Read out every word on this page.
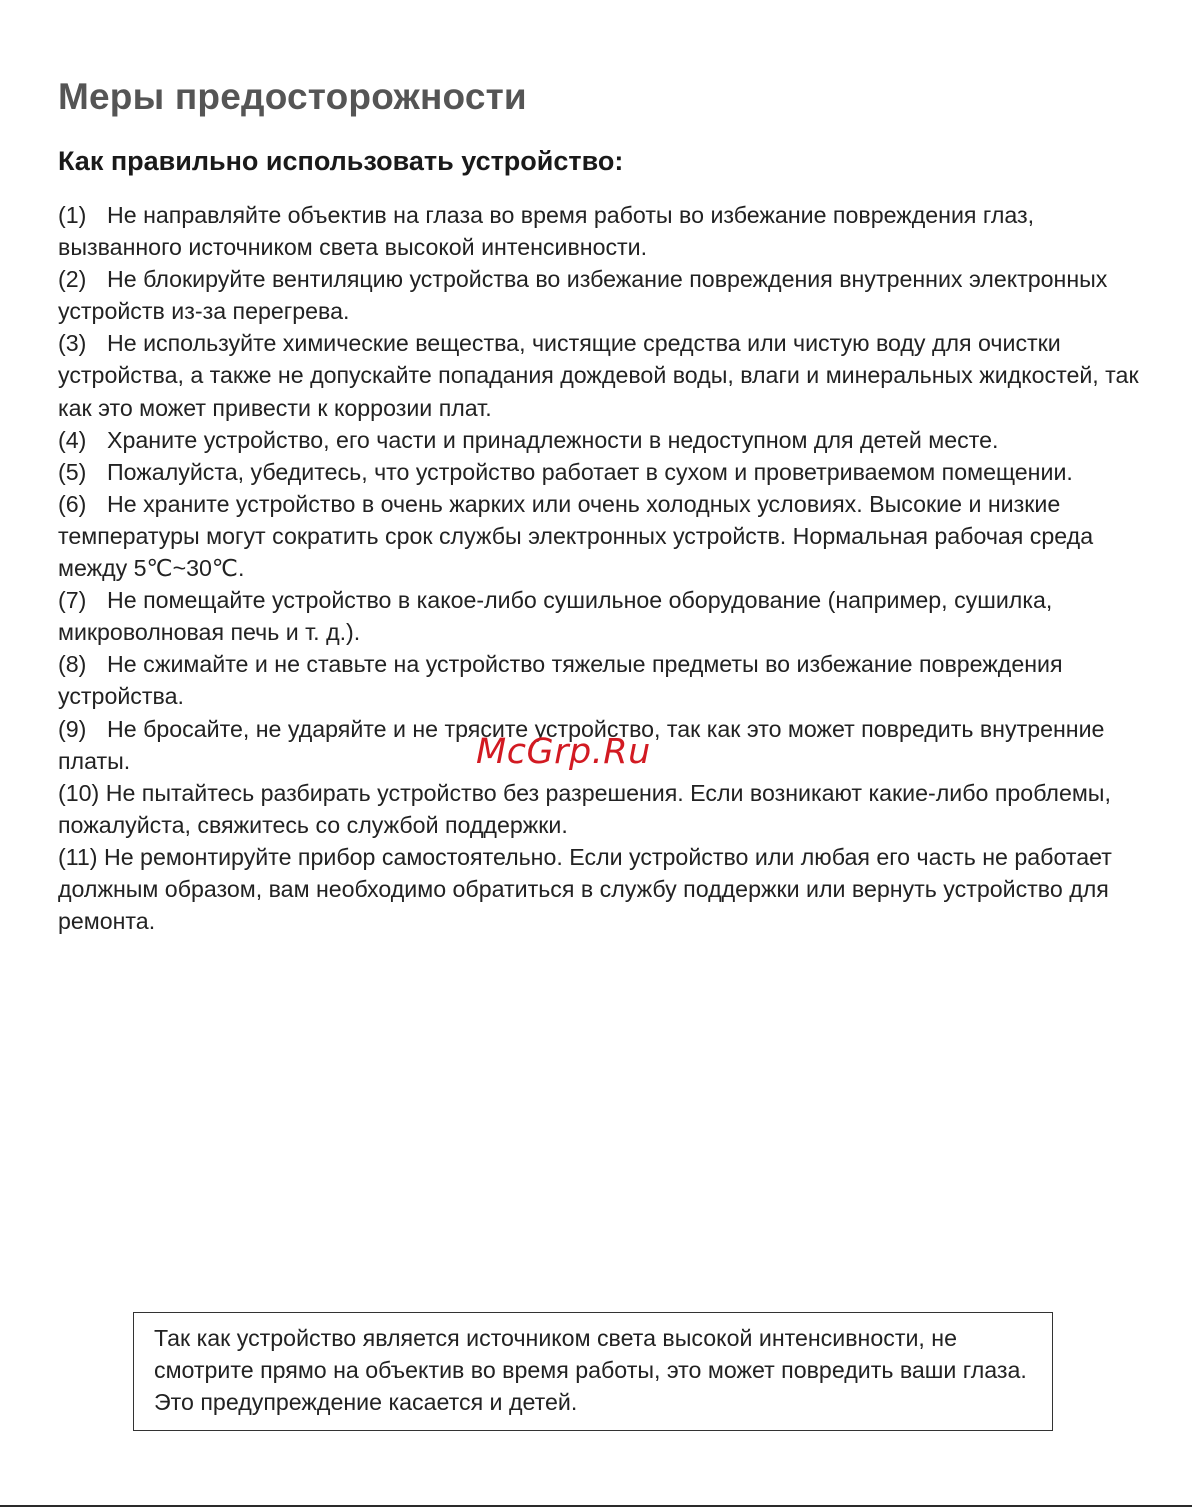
Меры предосторожности
Как правильно использовать устройство:
(1) Не направляйте объектив на глаза во время работы во избежание повреждения глаз, вызванного источником света высокой интенсивности.
(2) Не блокируйте вентиляцию устройства во избежание повреждения внутренних электронных устройств из-за перегрева.
(3) Не используйте химические вещества, чистящие средства или чистую воду для очистки устройства, а также не допускайте попадания дождевой воды, влаги и минеральных жидкостей, так как это может привести к коррозии плат.
(4) Храните устройство, его части и принадлежности в недоступном для детей месте.
(5) Пожалуйста, убедитесь, что устройство работает в сухом и проветриваемом помещении.
(6) Не храните устройство в очень жарких или очень холодных условиях. Высокие и низкие температуры могут сократить срок службы электронных устройств. Нормальная рабочая среда между 5℃~30℃.
(7) Не помещайте устройство в какое-либо сушильное оборудование (например, сушилка, микроволновая печь и т. д.).
(8) Не сжимайте и не ставьте на устройство тяжелые предметы во избежание повреждения устройства.
(9) Не бросайте, не ударяйте и не трясите устройство, так как это может повредить внутренние платы.
(10) Не пытайтесь разбирать устройство без разрешения. Если возникают какие-либо проблемы, пожалуйста, свяжитесь со службой поддержки.
(11) Не ремонтируйте прибор самостоятельно. Если устройство или любая его часть не работает должным образом, вам необходимо обратиться в службу поддержки или вернуть устройство для ремонта.
McGrp.Ru
Так как устройство является источником света высокой интенсивности, не смотрите прямо на объектив во время работы, это может повредить ваши глаза. Это предупреждение касается и детей.
